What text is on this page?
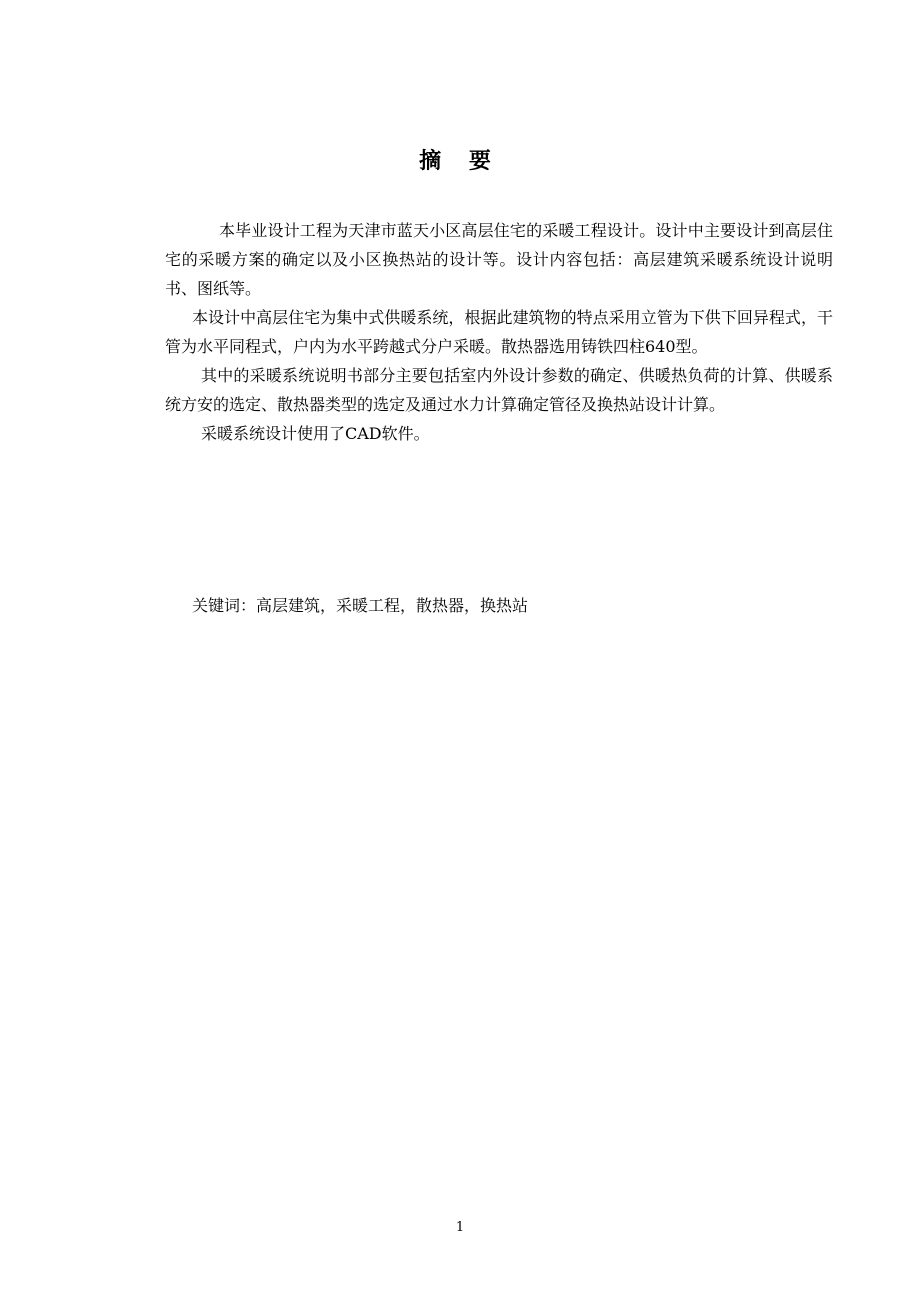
摘 要

本毕业设计工程为天津市蓝天小区高层住宅的采暖工程设计。设计中主要设计到高层住宅的采暖方案的确定以及小区换热站的设计等。设计内容包括：高层建筑采暖系统设计说明书、图纸等。

本设计中高层住宅为集中式供暖系统，根据此建筑物的特点采用立管为下供下回异程式，干管为水平同程式，户内为水平跨越式分户采暖。散热器选用铸铁四柱640型。

其中的采暖系统说明书部分主要包括室内外设计参数的确定、供暖热负荷的计算、供暖系统方安的选定、散热器类型的选定及通过水力计算确定管径及换热站设计计算。

采暖系统设计使用了CAD软件。

关键词：高层建筑，采暖工程，散热器，换热站
1
